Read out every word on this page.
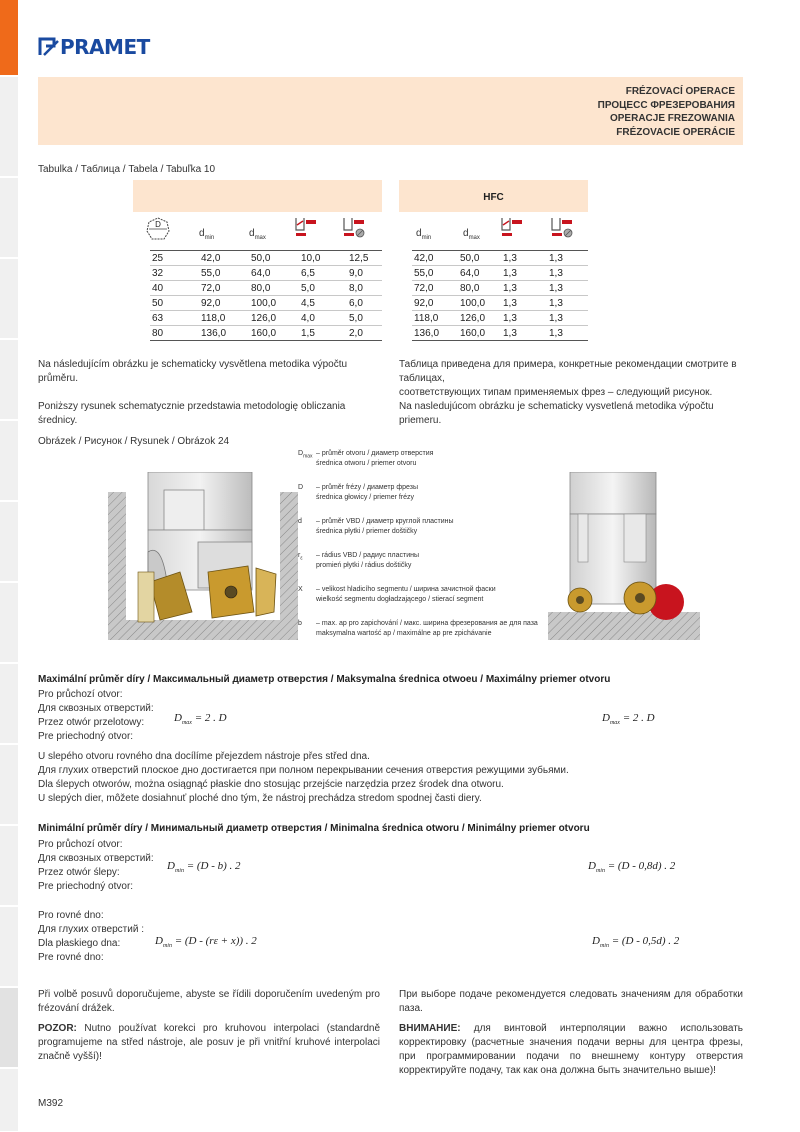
PRAMET
FRÉZOVACÍ OPERACE
ПРОЦЕСС ФРЕЗЕРОВАНИЯ
OPERACJE FREZOWANIA
FRÉZOVACIE OPERÁCIE
Tabulka / Таблица / Tabela / Tabuľka 10
D
$d_{min}$	$d_{max}$
25	42,0	50,0	10,0	12,5
32	55,0	64,0	6,5	9,0
40	72,0	80,0	5,0	8,0
50	92,0	100,0	4,5	6,0
63	118,0	126,0	4,0	5,0
80	136,0	160,0	1,5	2,0
HFC
$d_{min}$	$d_{max}$
42,0	50,0	1,3	1,3
55,0	64,0	1,3	1,3
72,0	80,0	1,3	1,3
92,0	100,0	1,3	1,3
118,0	126,0	1,3	1,3
136,0	160,0	1,3	1,3
Na následujícím obrázku je schematicky vysvětlena metodika výpočtu průměru.
Poniższy rysunek schematycznie przedstawia metodologię obliczania średnicy.
Таблица приведена для примера, конкретные рекомендации смотрите в таблицах,
соответствующих типам применяемых фрез – следующий рисунок.
Na nasledujúcom obrázku je schematicky vysvetlená metodika výpočtu priemeru.
Obrázek / Рисунок / Rysunek / Obrázok 24
$D_{max}$ – průměr otvoru / диаметр отверстия
średnica otworu / priemer otvoru
D – průměr frézy / диаметр фрезы
średnica głowicy / priemer frézy
d – průměr VBD / диаметр круглой пластины
średnica płytki / priemer doštičky
$r_\varepsilon$ – rádius VBD / радиус пластины
promień płytki / rádius doštičky
X – velikost hladicího segmentu / ширина зачистной фаски
wielkość segmentu dogładzającego / stierací segment
b – max. ap pro zapichování / макс. ширина фрезерования ae для паза
maksymalna wartość ap / maximálne ap pre zpichávanie
Maximální průměr díry / Максимальный диаметр отверстия / Maksymalna średnica otwoeu / Maximálny priemer otvoru
Pro průchozí otvor:
Для сквозных отверстий:
Przez otwór przelotowy:
Pre priechodný otvor:
$D_{max} = 2$ . D	$D_{max} = 2$ . D
U slepého otvoru rovného dna docílíme přejezdem nástroje přes střed dna.
Для глухих отверстий плоское дно достигается при полном перекрывании сечения отверстия режущими зубьями.
Dla ślepych otworów, można osiągnąć płaskie dno stosując przejście narzędzia przez środek dna otworu.
U slepých dier, môžete dosiahnuť ploché dno tým, že nástroj prechádza stredom spodnej časti diery.
Minimální průměr díry / Минимальный диаметр отверстия / Minimalna średnica otworu / Minimálny priemer otvoru
Pro průchozí otvor:
Для сквозных отверстий:
Przez otwór ślepy:
Pre priechodný otvor:
$D_{min} = (D - b)$ . 2	$D_{min} = (D - 0,8d)$ . 2
Pro rovné dno:
Для глухих отверстий :
Dla płaskiego dna:
Pre rovné dno:
$D_{min} = (D - (r\varepsilon + x))$ . 2	$D_{min} = (D - 0,5d)$ . 2
Při volbě posuvů doporučujeme, abyste se řídili doporučením uvedeným pro frézování drážek.
POZOR: Nutno používat korekci pro kruhovou interpolaci (standardně programujeme na střed nástroje, ale posuv je při vnitřní kruhové interpolaci značně vyšší)!
При выборе подаче рекомендуется следовать значениям для обработки паза.
ВНИМАНИЕ: для винтовой интерполяции важно использовать корректировку (расчетные значения подачи верны для центра фрезы, при программировании подачи по внешнему контуру отверстия корректируйте подачу, так как она должна быть значительно выше)!
M392
